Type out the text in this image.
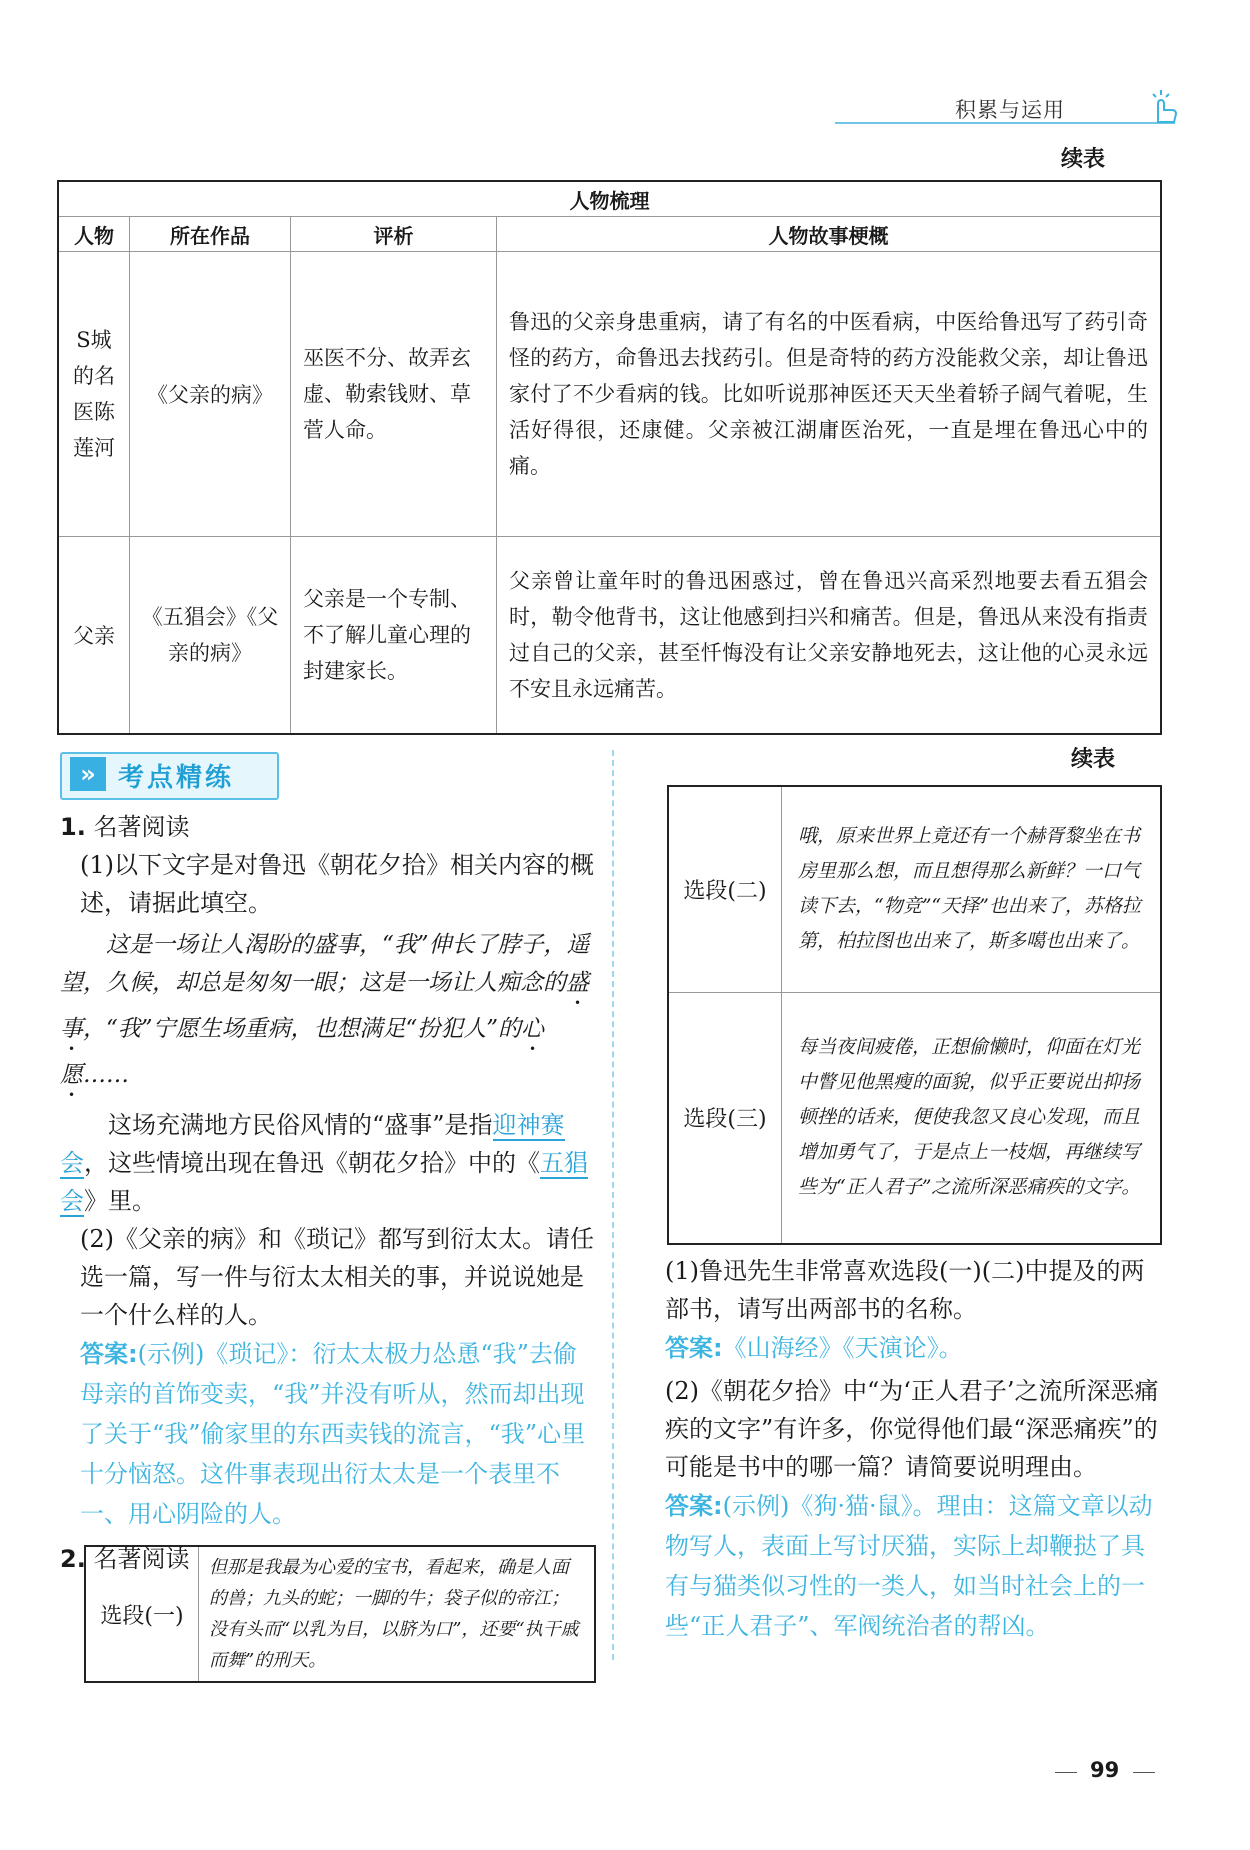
积累与运用
续表
人物梳理			
人物	所在作品	评析	人物故事梗概
S城的名医陈莲河	《父亲的病》	巫医不分、故弄玄虚、勒索钱财、草菅人命。	鲁迅的父亲身患重病，请了有名的中医看病，中医给鲁迅写了药引奇怪的药方，命鲁迅去找药引。但是奇特的药方没能救父亲，却让鲁迅家付了不少看病的钱。比如听说那神医还天天坐着轿子阔气着呢，生活好得很，还康健。父亲被江湖庸医治死，一直是埋在鲁迅心中的痛。
父亲	《五猖会》《父亲的病》	父亲是一个专制、不了解儿童心理的封建家长。	父亲曾让童年时的鲁迅困惑过，曾在鲁迅兴高采烈地要去看五猖会时，勒令他背书，这让他感到扫兴和痛苦。但是，鲁迅从来没有指责过自己的父亲，甚至忏悔没有让父亲安静地死去，这让他的心灵永远不安且永远痛苦。
» 考点精练
1. 名著阅读
(1)以下文字是对鲁迅《朝花夕拾》相关内容的概述，请据此填空。
这是一场让人渴盼的盛事，“我”伸长了脖子，遥望，久候，却总是匆匆一眼；这是一场让人痴念的盛事，“我”宁愿生场重病，也想满足“扮犯人”的心愿……
这场充满地方民俗风情的“盛事”是指迎神赛会，这些情境出现在鲁迅《朝花夕拾》中的《五猖会》里。
(2)《父亲的病》和《琐记》都写到衍太太。请任选一篇，写一件与衍太太相关的事，并说说她是一个什么样的人。
答案:(示例)《琐记》：衍太太极力怂恿“我”去偷母亲的首饰变卖，“我”并没有听从，然而却出现了关于“我”偷家里的东西卖钱的流言，“我”心里十分恼怒。这件事表现出衍太太是一个表里不一、用心阴险的人。
2. 名著阅读
选段(一)	但那是我最为心爱的宝书，看起来，确是人面的兽；九头的蛇；一脚的牛；袋子似的帝江；没有头而“以乳为目，以脐为口”，还要“执干戚而舞”的刑天。
续表
选段(二)	哦，原来世界上竟还有一个赫胥黎坐在书房里那么想，而且想得那么新鲜？一口气读下去，“物竞”“天择”也出来了，苏格拉第，柏拉图也出来了，斯多噶也出来了。
选段(三)	每当夜间疲倦，正想偷懒时，仰面在灯光中瞥见他黑瘦的面貌，似乎正要说出抑扬顿挫的话来，便使我忽又良心发现，而且增加勇气了，于是点上一枝烟，再继续写些为“正人君子”之流所深恶痛疾的文字。
(1)鲁迅先生非常喜欢选段(一)(二)中提及的两部书，请写出两部书的名称。
答案:《山海经》《天演论》。
(2)《朝花夕拾》中“为‘正人君子’之流所深恶痛疾的文字”有许多，你觉得他们最“深恶痛疾”的可能是书中的哪一篇？请简要说明理由。
答案:(示例)《狗·猫·鼠》。理由：这篇文章以动物写人，表面上写讨厌猫，实际上却鞭挞了具有与猫类似习性的一类人，如当时社会上的一些“正人君子”、军阀统治者的帮凶。
99
